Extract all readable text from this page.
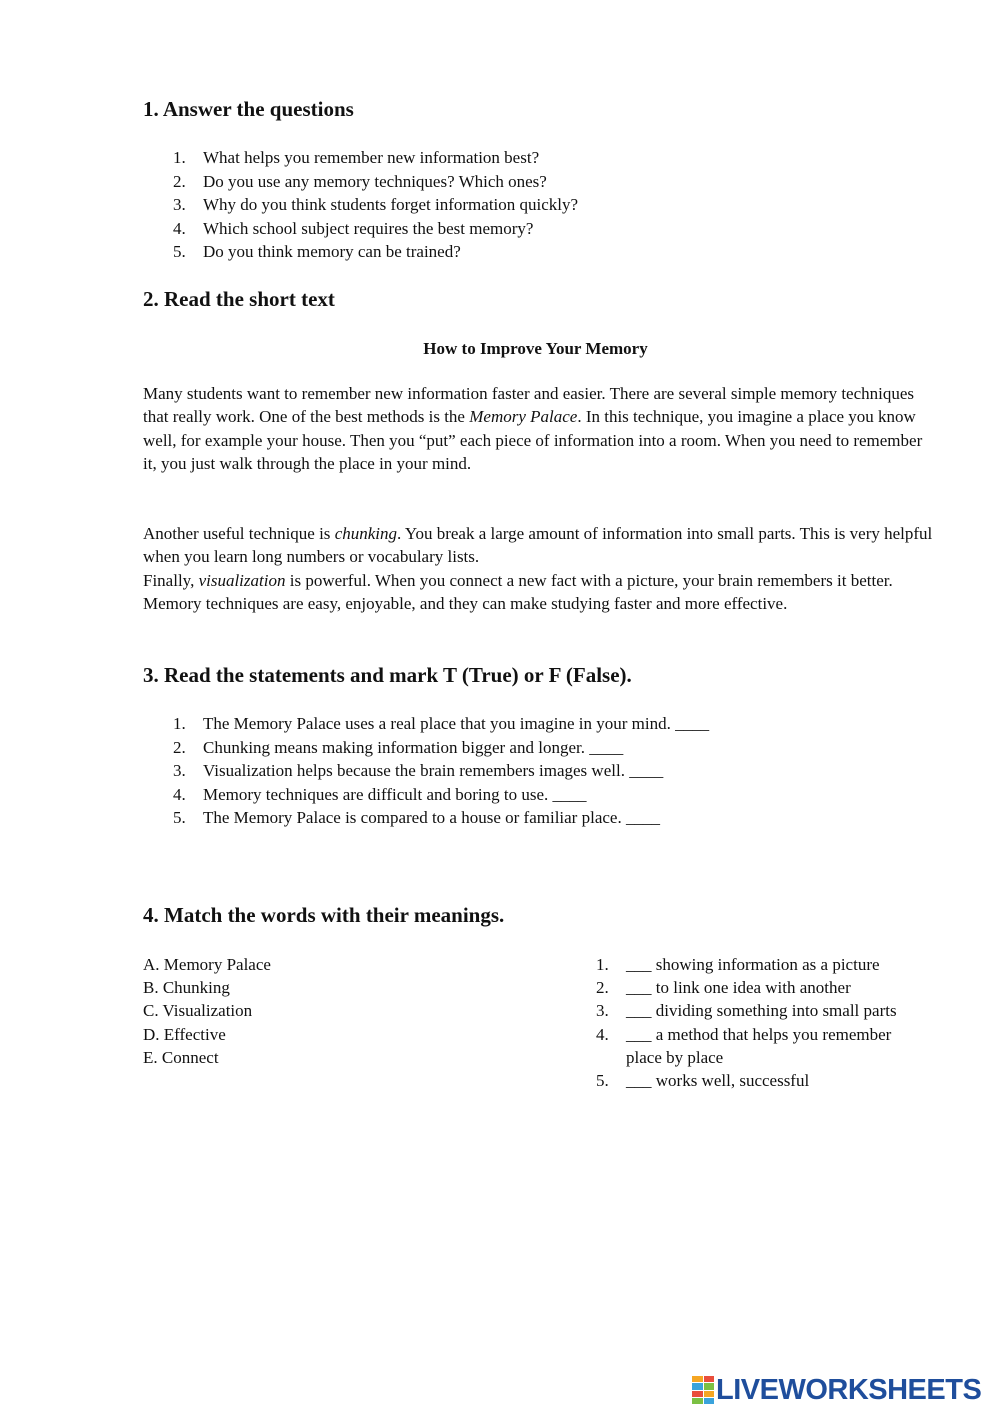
1. Answer the questions
1. What helps you remember new information best?
2. Do you use any memory techniques? Which ones?
3. Why do you think students forget information quickly?
4. Which school subject requires the best memory?
5. Do you think memory can be trained?
2. Read the short text
How to Improve Your Memory

Many students want to remember new information faster and easier. There are several simple memory techniques that really work. One of the best methods is the Memory Palace. In this technique, you imagine a place you know well, for example your house. Then you “put” each piece of information into a room. When you need to remember it, you just walk through the place in your mind.

Another useful technique is chunking. You break a large amount of information into small parts. This is very helpful when you learn long numbers or vocabulary lists.

Finally, visualization is powerful. When you connect a new fact with a picture, your brain remembers it better. Memory techniques are easy, enjoyable, and they can make studying faster and more effective.

3. Read the statements and mark T (True) or F (False).
1. The Memory Palace uses a real place that you imagine in your mind. ____
2. Chunking means making information bigger and longer. ____
3. Visualization helps because the brain remembers images well. ____
4. Memory techniques are difficult and boring to use. ____
5. The Memory Palace is compared to a house or familiar place. ____
4. Match the words with their meanings.
A. Memory Palace
B. Chunking
C. Visualization
D. Effective
E. Connect
1. ___ showing information as a picture
2. ___ to link one idea with another
3. ___ dividing something into small parts
4. ___ a method that helps you remember place by place
5. ___ works well, successful
LIVEWORKSHEETS
